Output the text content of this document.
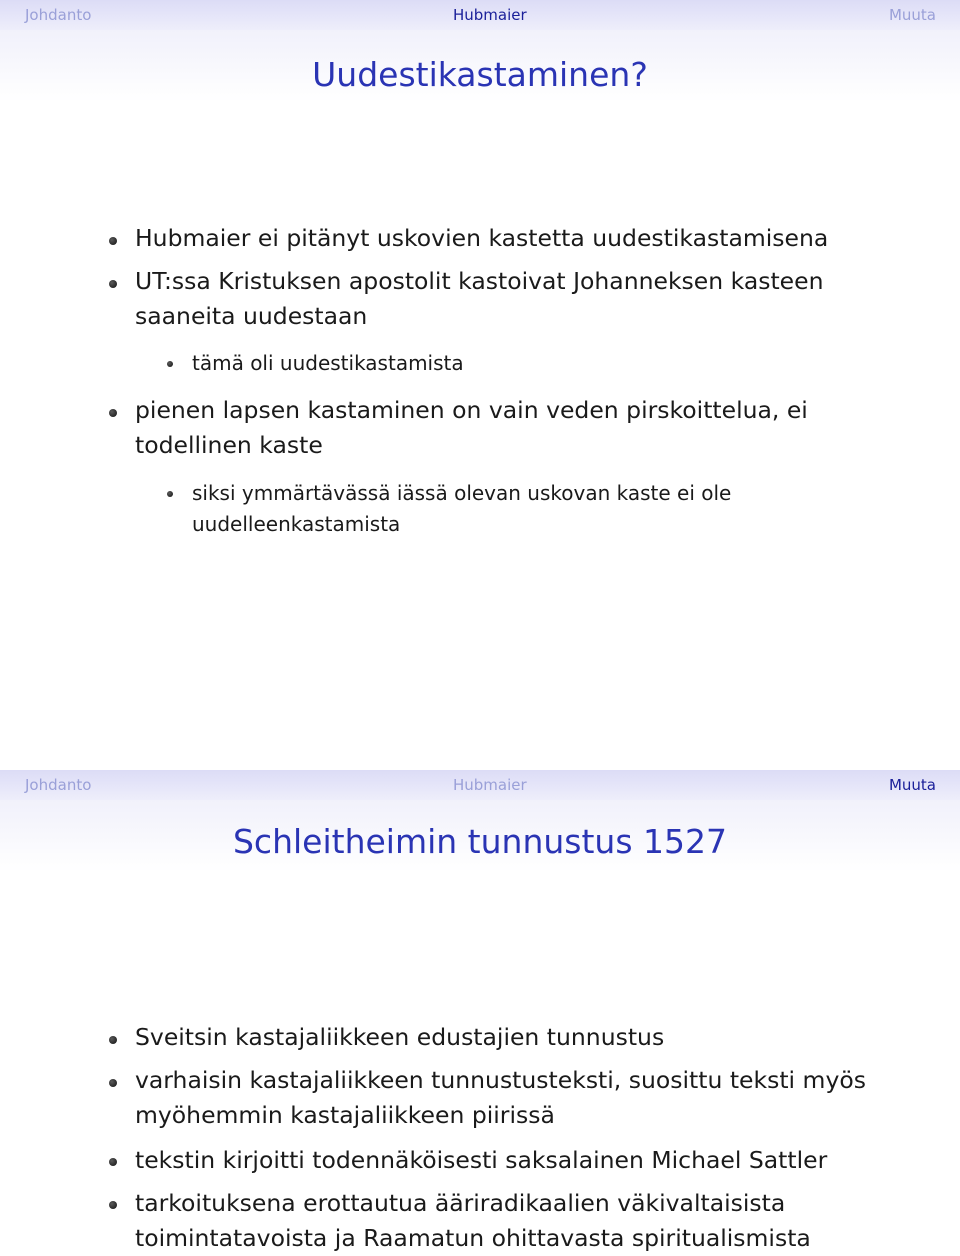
Johdanto	Hubmaier	Muuta
Uudestikastaminen?
Hubmaier ei pitänyt uskovien kastetta uudestikastamisena
UT:ssa Kristuksen apostolit kastoivat Johanneksen kasteen saaneita uudestaan
tämä oli uudestikastamista
pienen lapsen kastaminen on vain veden pirskoittelua, ei todellinen kaste
siksi ymmärtävässä iässä olevan uskovan kaste ei ole uudelleenkastamista
Johdanto	Hubmaier	Muuta
Schleitheimin tunnustus 1527
Sveitsin kastajaliikkeen edustajien tunnustus
varhaisin kastajaliikkeen tunnustusteksti, suosittu teksti myös myöhemmin kastajaliikkeen piirissä
tekstin kirjoitti todennäköisesti saksalainen Michael Sattler
tarkoituksena erottautua ääriradikaalien väkivaltaisista toimintatavoista ja Raamatun ohittavasta spiritualismista
